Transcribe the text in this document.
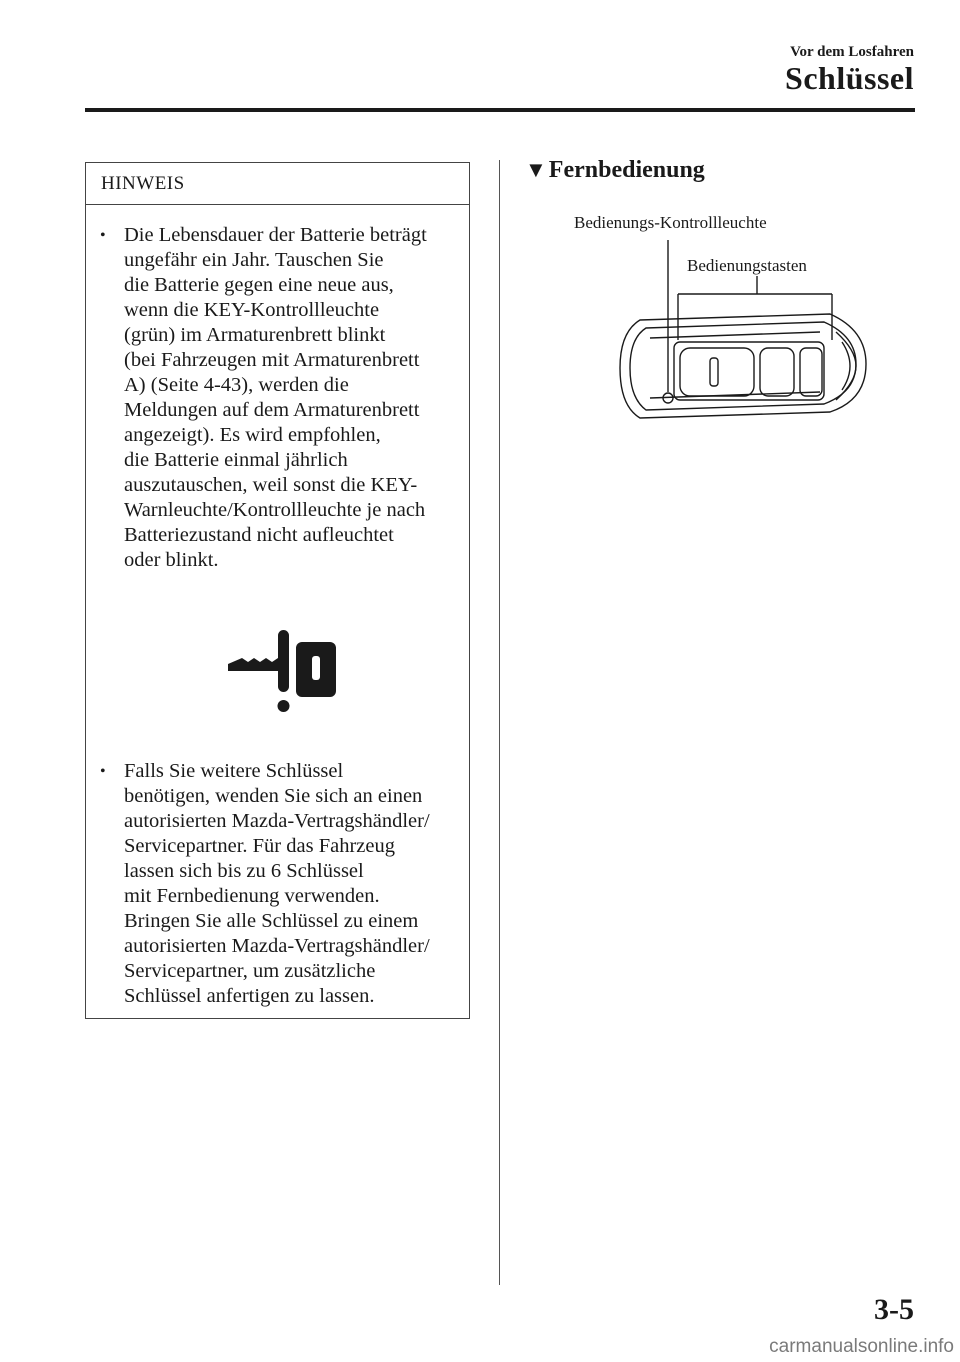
Vor dem Losfahren
Schlüssel
HINWEIS
• Die Lebensdauer der Batterie beträgt
ungefähr ein Jahr. Tauschen Sie
die Batterie gegen eine neue aus,
wenn die KEY-Kontrollleuchte
(grün) im Armaturenbrett blinkt
(bei Fahrzeugen mit Armaturenbrett
A) (Seite 4-43), werden die
Meldungen auf dem Armaturenbrett
angezeigt). Es wird empfohlen,
die Batterie einmal jährlich
auszutauschen, weil sonst die KEY-
Warnleuchte/Kontrollleuchte je nach
Batteriezustand nicht aufleuchtet
oder blinkt.
• Falls Sie weitere Schlüssel
benötigen, wenden Sie sich an einen
autorisierten Mazda-Vertragshändler/
Servicepartner. Für das Fahrzeug
lassen sich bis zu 6 Schlüssel
mit Fernbedienung verwenden.
Bringen Sie alle Schlüssel zu einem
autorisierten Mazda-Vertragshändler/
Servicepartner, um zusätzliche
Schlüssel anfertigen zu lassen.
▼Fernbedienung
Bedienungs-Kontrollleuchte
Bedienungstasten
3-5
carmanualsonline.info
